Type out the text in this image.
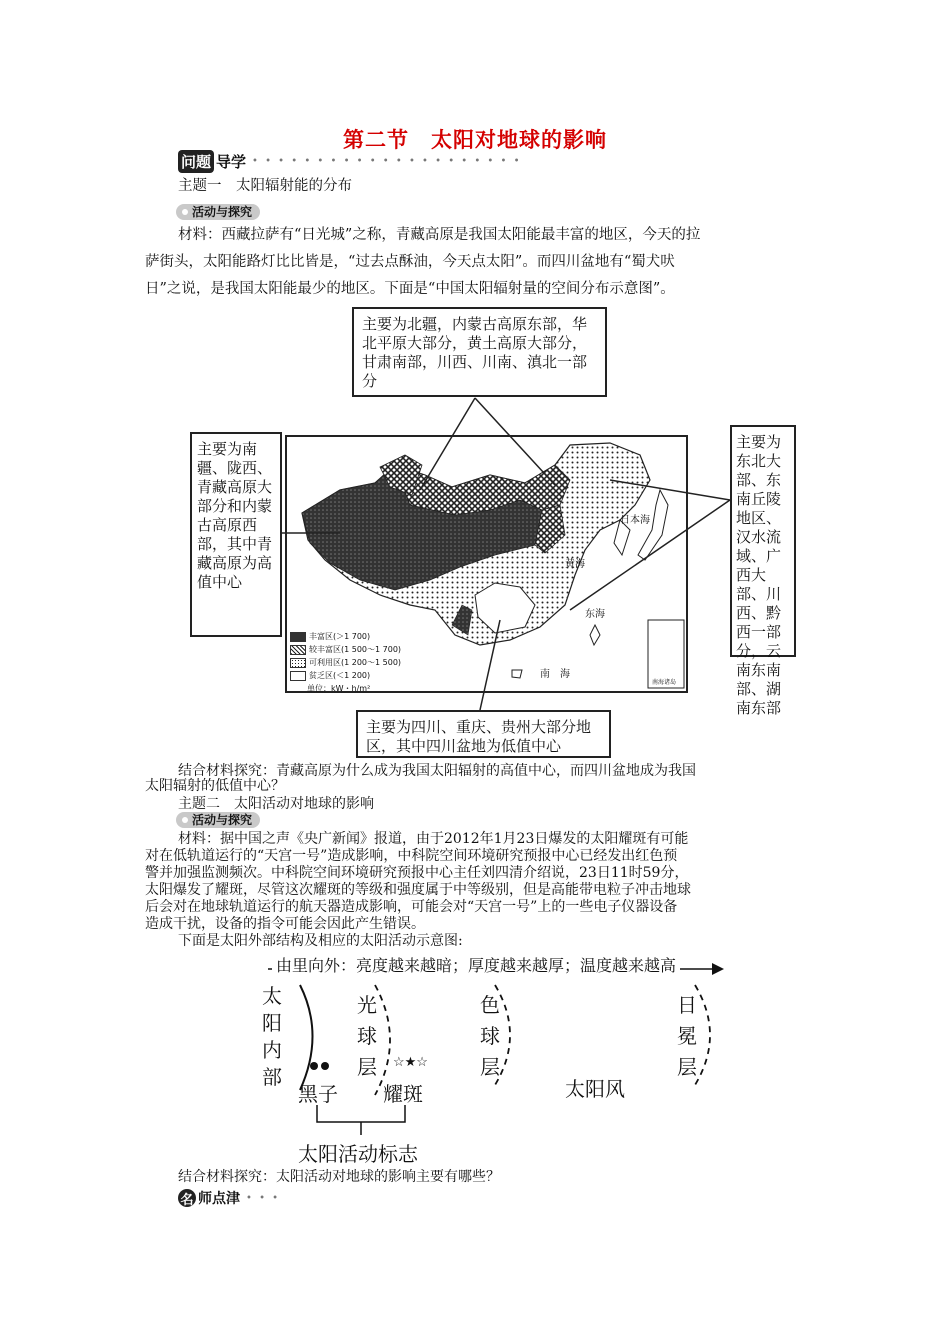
第二节　太阳对地球的影响
问题 导学 • • • • • • • • • • • • • • • • • • • • •
主题一　太阳辐射能的分布
活动与探究
材料：西藏拉萨有“日光城”之称，青藏高原是我国太阳能最丰富的地区，今天的拉
萨街头，太阳能路灯比比皆是，“过去点酥油，今天点太阳”。而四川盆地有“蜀犬吠
日”之说，是我国太阳能最少的地区。下面是“中国太阳辐射量的空间分布示意图”。
日本海
黄海
东海
南　海
南海诸岛
丰富区(＞1 700)
较丰富区(1 500～1 700)
可利用区(1 200～1 500)
贫乏区(＜1 200)
单位：kW・h/m²
主要为北疆，内蒙古高原东部，华北平原大部分，黄土高原大部分，甘肃南部，川西、川南、滇北一部分
主要为南疆、陇西、青藏高原大部分和内蒙古高原西部，其中青藏高原为高值中心
主要为东北大部、东南丘陵地区、汉水流域、广西大部、川西、黔西一部分，云南东南部、湖南东部
主要为四川、重庆、贵州大部分地区，其中四川盆地为低值中心
结合材料探究：青藏高原为什么成为我国太阳辐射的高值中心，而四川盆地成为我国
太阳辐射的低值中心？
主题二　太阳活动对地球的影响
活动与探究
材料：据中国之声《央广新闻》报道，由于2012年1月23日爆发的太阳耀斑有可能
对在低轨道运行的“天宫一号”造成影响，中科院空间环境研究预报中心已经发出红色预
警并加强监测频次。中科院空间环境研究预报中心主任刘四清介绍说，23日11时59分，
太阳爆发了耀斑，尽管这次耀斑的等级和强度属于中等级别，但是高能带电粒子冲击地球
后会对在地球轨道运行的航天器造成影响，可能会对“天宫一号”上的一些电子仪器设备
造成干扰，设备的指令可能会因此产生错误。
下面是太阳外部结构及相应的太阳活动示意图:
由里向外：亮度越来越暗；厚度越来越厚；温度越来越高
太
阳
内
部
光
球
层
色
球
层
日
冕
层
☆★☆
黑子 耀斑	太阳风
太阳活动标志
结合材料探究：太阳活动对地球的影响主要有哪些？
名 师点津 • • •
